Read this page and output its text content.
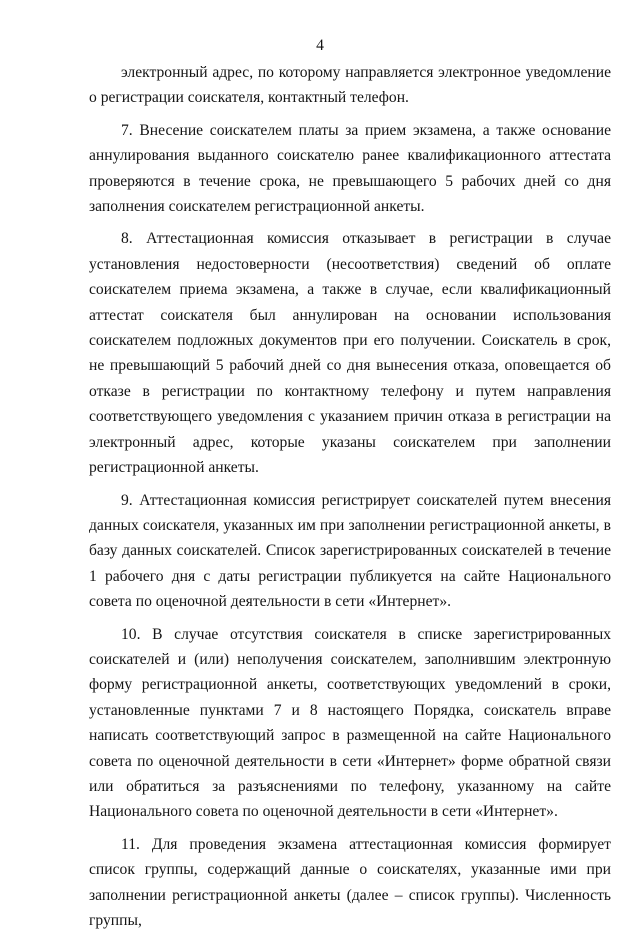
4

электронный адрес, по которому направляется электронное уведомление о регистрации соискателя, контактный телефон.

7. Внесение соискателем платы за прием экзамена, а также основание аннулирования выданного соискателю ранее квалификационного аттестата проверяются в течение срока, не превышающего 5 рабочих дней со дня заполнения соискателем регистрационной анкеты.

8. Аттестационная комиссия отказывает в регистрации в случае установления недостоверности (несоответствия) сведений об оплате соискателем приема экзамена, а также в случае, если квалификационный аттестат соискателя был аннулирован на основании использования соискателем подложных документов при его получении. Соискатель в срок, не превышающий 5 рабочий дней со дня вынесения отказа, оповещается об отказе в регистрации по контактному телефону и путем направления соответствующего уведомления с указанием причин отказа в регистрации на электронный адрес, которые указаны соискателем при заполнении регистрационной анкеты.

9. Аттестационная комиссия регистрирует соискателей путем внесения данных соискателя, указанных им при заполнении регистрационной анкеты, в базу данных соискателей. Список зарегистрированных соискателей в течение 1 рабочего дня с даты регистрации публикуется на сайте Национального совета по оценочной деятельности в сети «Интернет».

10. В случае отсутствия соискателя в списке зарегистрированных соискателей и (или) неполучения соискателем, заполнившим электронную форму регистрационной анкеты, соответствующих уведомлений в сроки, установленные пунктами 7 и 8 настоящего Порядка, соискатель вправе написать соответствующий запрос в размещенной на сайте Национального совета по оценочной деятельности в сети «Интернет» форме обратной связи или обратиться за разъяснениями по телефону, указанному на сайте Национального совета по оценочной деятельности в сети «Интернет».

11. Для проведения экзамена аттестационная комиссия формирует список группы, содержащий данные о соискателях, указанные ими при заполнении регистрационной анкеты (далее – список группы). Численность группы,
